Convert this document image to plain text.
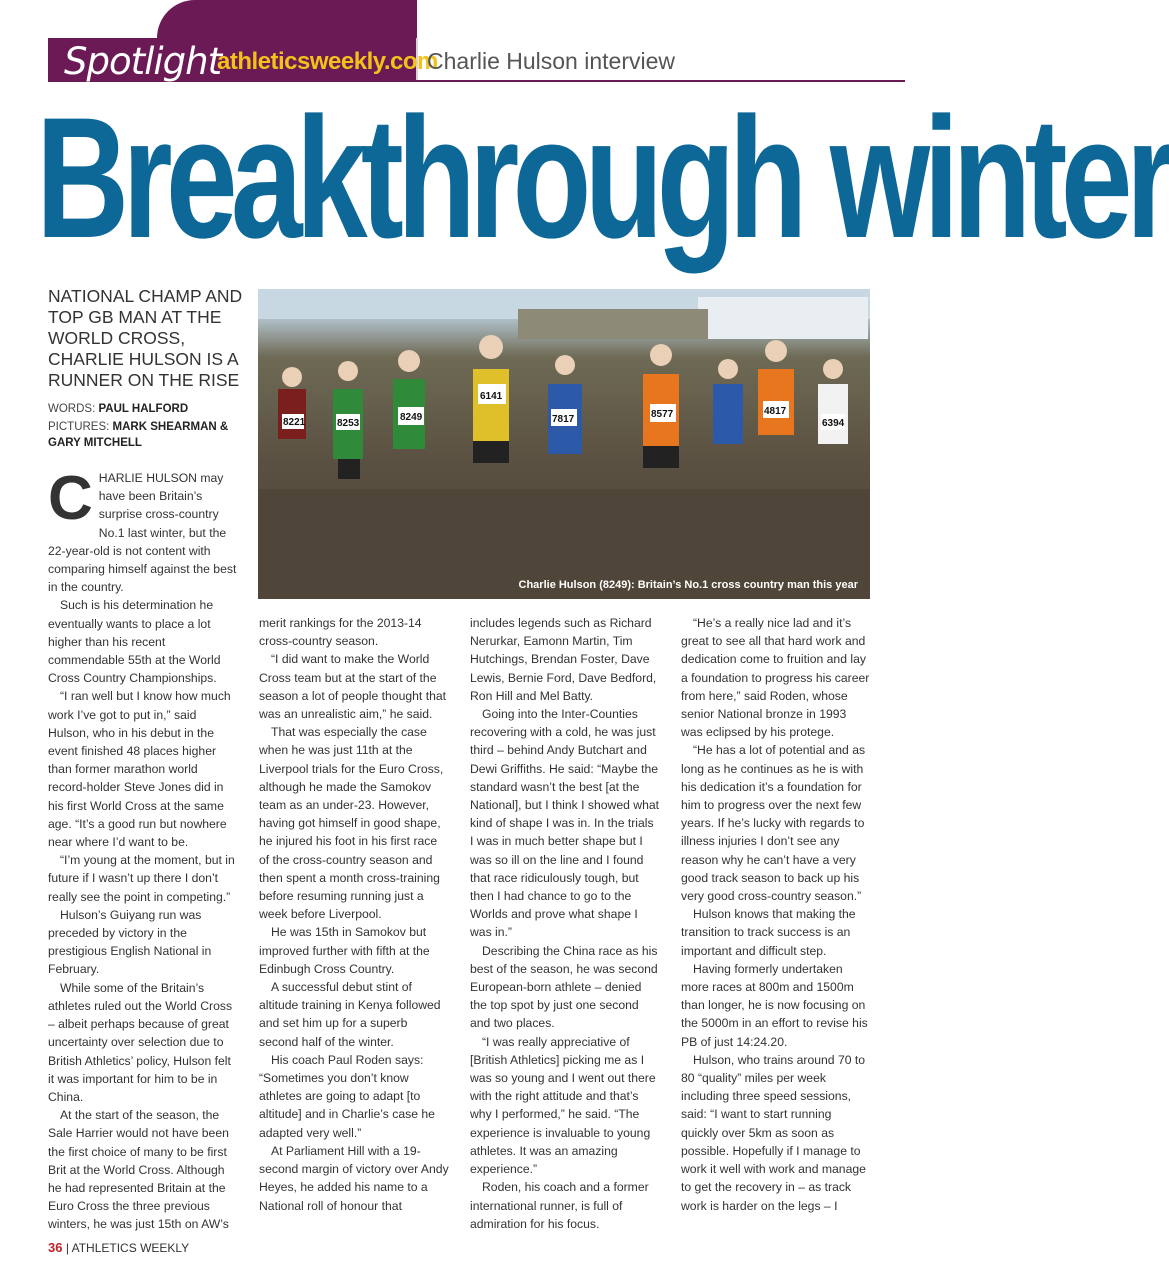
Spotlight
athleticsweekly.com
Charlie Hulson interview
Breakthrough winter
NATIONAL CHAMP AND TOP GB MAN AT THE WORLD CROSS, CHARLIE HULSON IS A RUNNER ON THE RISE
WORDS: PAUL HALFORD
PICTURES: MARK SHEARMAN & GARY MITCHELL
6141
8249
8253	7817	8577	4817
6394
8221
Charlie Hulson (8249): Britain’s No.1 cross country man this year

CHARLIE HULSON may have been Britain’s surprise cross-country No.1 last winter, but the 22-year-old is not content with comparing himself against the best in the country.

Such is his determination he eventually wants to place a lot higher than his recent commendable 55th at the World Cross Country Championships.

“I ran well but I know how much work I’ve got to put in,” said Hulson, who in his debut in the event finished 48 places higher than former marathon world record-holder Steve Jones did in his first World Cross at the same age. “It’s a good run but nowhere near where I’d want to be.

“I’m young at the moment, but in future if I wasn’t up there I don’t really see the point in competing.”

Hulson’s Guiyang run was preceded by victory in the prestigious English National in February.

While some of the Britain’s athletes ruled out the World Cross – albeit perhaps because of great uncertainty over selection due to British Athletics’ policy, Hulson felt it was important for him to be in China.

At the start of the season, the Sale Harrier would not have been the first choice of many to be first Brit at the World Cross. Although he had represented Britain at the Euro Cross the three previous winters, he was just 15th on AW’s

merit rankings for the 2013-14 cross-country season.

“I did want to make the World Cross team but at the start of the season a lot of people thought that was an unrealistic aim,” he said.

That was especially the case when he was just 11th at the Liverpool trials for the Euro Cross, although he made the Samokov team as an under-23. However, having got himself in good shape, he injured his foot in his first race of the cross-country season and then spent a month cross-training before resuming running just a week before Liverpool.

He was 15th in Samokov but improved further with fifth at the Edinbugh Cross Country.

A successful debut stint of altitude training in Kenya followed and set him up for a superb second half of the winter.

His coach Paul Roden says: “Sometimes you don’t know athletes are going to adapt [to altitude] and in Charlie’s case he adapted very well.”

At Parliament Hill with a 19-second margin of victory over Andy Heyes, he added his name to a National roll of honour that

includes legends such as Richard Nerurkar, Eamonn Martin, Tim Hutchings, Brendan Foster, Dave Lewis, Bernie Ford, Dave Bedford, Ron Hill and Mel Batty.

Going into the Inter-Counties recovering with a cold, he was just third – behind Andy Butchart and Dewi Griffiths. He said: “Maybe the standard wasn’t the best [at the National], but I think I showed what kind of shape I was in. In the trials I was in much better shape but I was so ill on the line and I found that race ridiculously tough, but then I had chance to go to the Worlds and prove what shape I was in.”

Describing the China race as his best of the season, he was second European-born athlete – denied the top spot by just one second and two places.

“I was really appreciative of [British Athletics] picking me as I was so young and I went out there with the right attitude and that’s why I performed,” he said. “The experience is invaluable to young athletes. It was an amazing experience.”

Roden, his coach and a former international runner, is full of admiration for his focus.

“He’s a really nice lad and it’s great to see all that hard work and dedication come to fruition and lay a foundation to progress his career from here,” said Roden, whose senior National bronze in 1993 was eclipsed by his protege.

“He has a lot of potential and as long as he continues as he is with his dedication it’s a foundation for him to progress over the next few years. If he’s lucky with regards to illness injuries I don’t see any reason why he can’t have a very good track season to back up his very good cross-country season.”

Hulson knows that making the transition to track success is an important and difficult step.

Having formerly undertaken more races at 800m and 1500m than longer, he is now focusing on the 5000m in an effort to revise his PB of just 14:24.20.

Hulson, who trains around 70 to 80 “quality” miles per week including three speed sessions, said: “I want to start running quickly over 5km as soon as possible. Hopefully if I manage to work it well with work and manage to get the recovery in – as track work is harder on the legs – I

36 | ATHLETICS WEEKLY
